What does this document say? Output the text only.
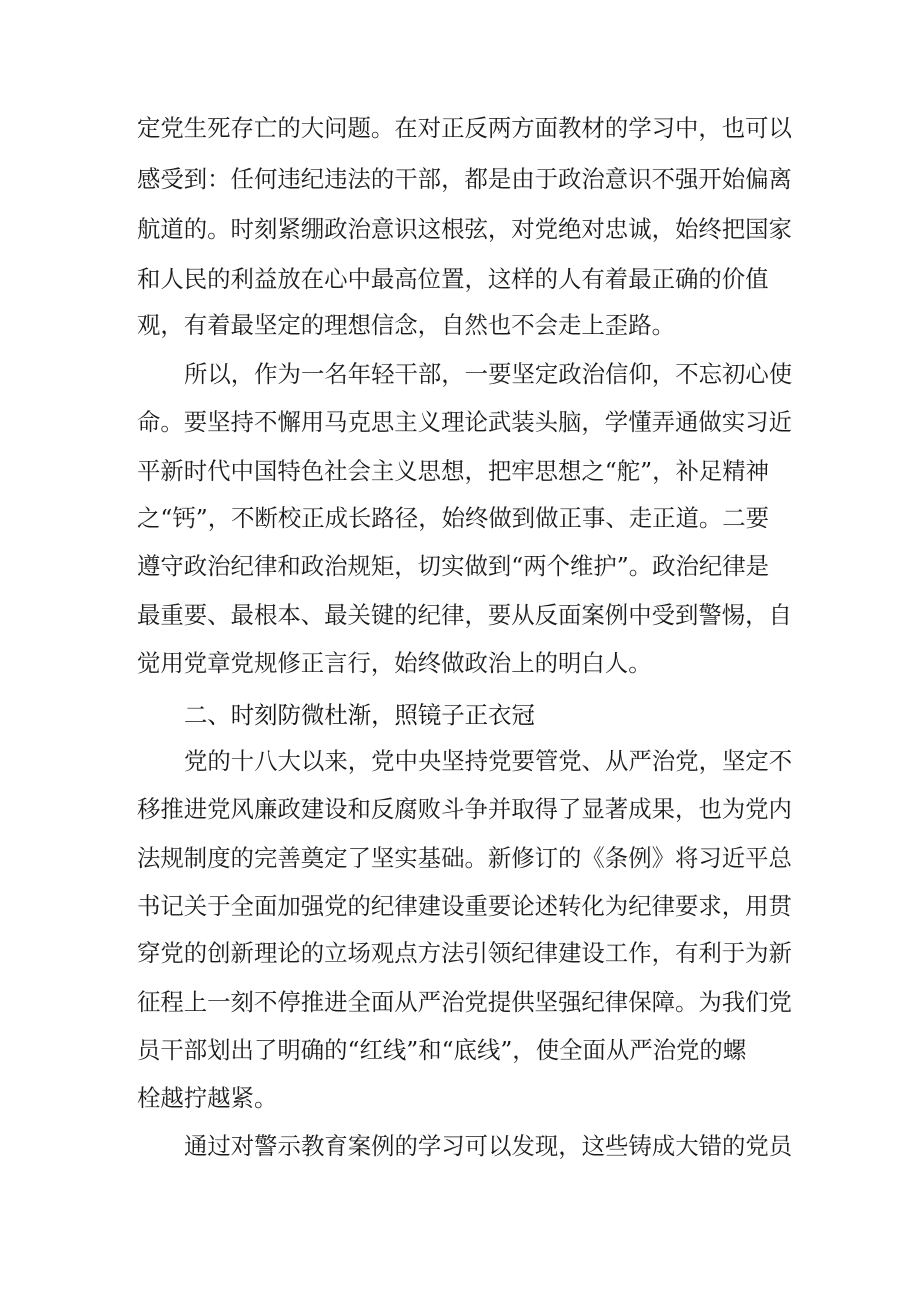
定党生死存亡的大问题。在对正反两方面教材的学习中，也可以
感受到：任何违纪违法的干部，都是由于政治意识不强开始偏离
航道的。时刻紧绷政治意识这根弦，对党绝对忠诚，始终把国家
和人民的利益放在心中最高位置，这样的人有着最正确的价值
观，有着最坚定的理想信念，自然也不会走上歪路。
所以，作为一名年轻干部，一要坚定政治信仰，不忘初心使
命。要坚持不懈用马克思主义理论武装头脑，学懂弄通做实习近
平新时代中国特色社会主义思想，把牢思想之“舵”，补足精神
之“钙”，不断校正成长路径，始终做到做正事、走正道。二要
遵守政治纪律和政治规矩，切实做到“两个维护”。政治纪律是
最重要、最根本、最关键的纪律，要从反面案例中受到警惕，自
觉用党章党规修正言行，始终做政治上的明白人。
二、时刻防微杜渐，照镜子正衣冠
党的十八大以来，党中央坚持党要管党、从严治党，坚定不
移推进党风廉政建设和反腐败斗争并取得了显著成果，也为党内
法规制度的完善奠定了坚实基础。新修订的《条例》将习近平总
书记关于全面加强党的纪律建设重要论述转化为纪律要求，用贯
穿党的创新理论的立场观点方法引领纪律建设工作，有利于为新
征程上一刻不停推进全面从严治党提供坚强纪律保障。为我们党
员干部划出了明确的“红线”和“底线”，使全面从严治党的螺
栓越拧越紧。
通过对警示教育案例的学习可以发现，这些铸成大错的党员
